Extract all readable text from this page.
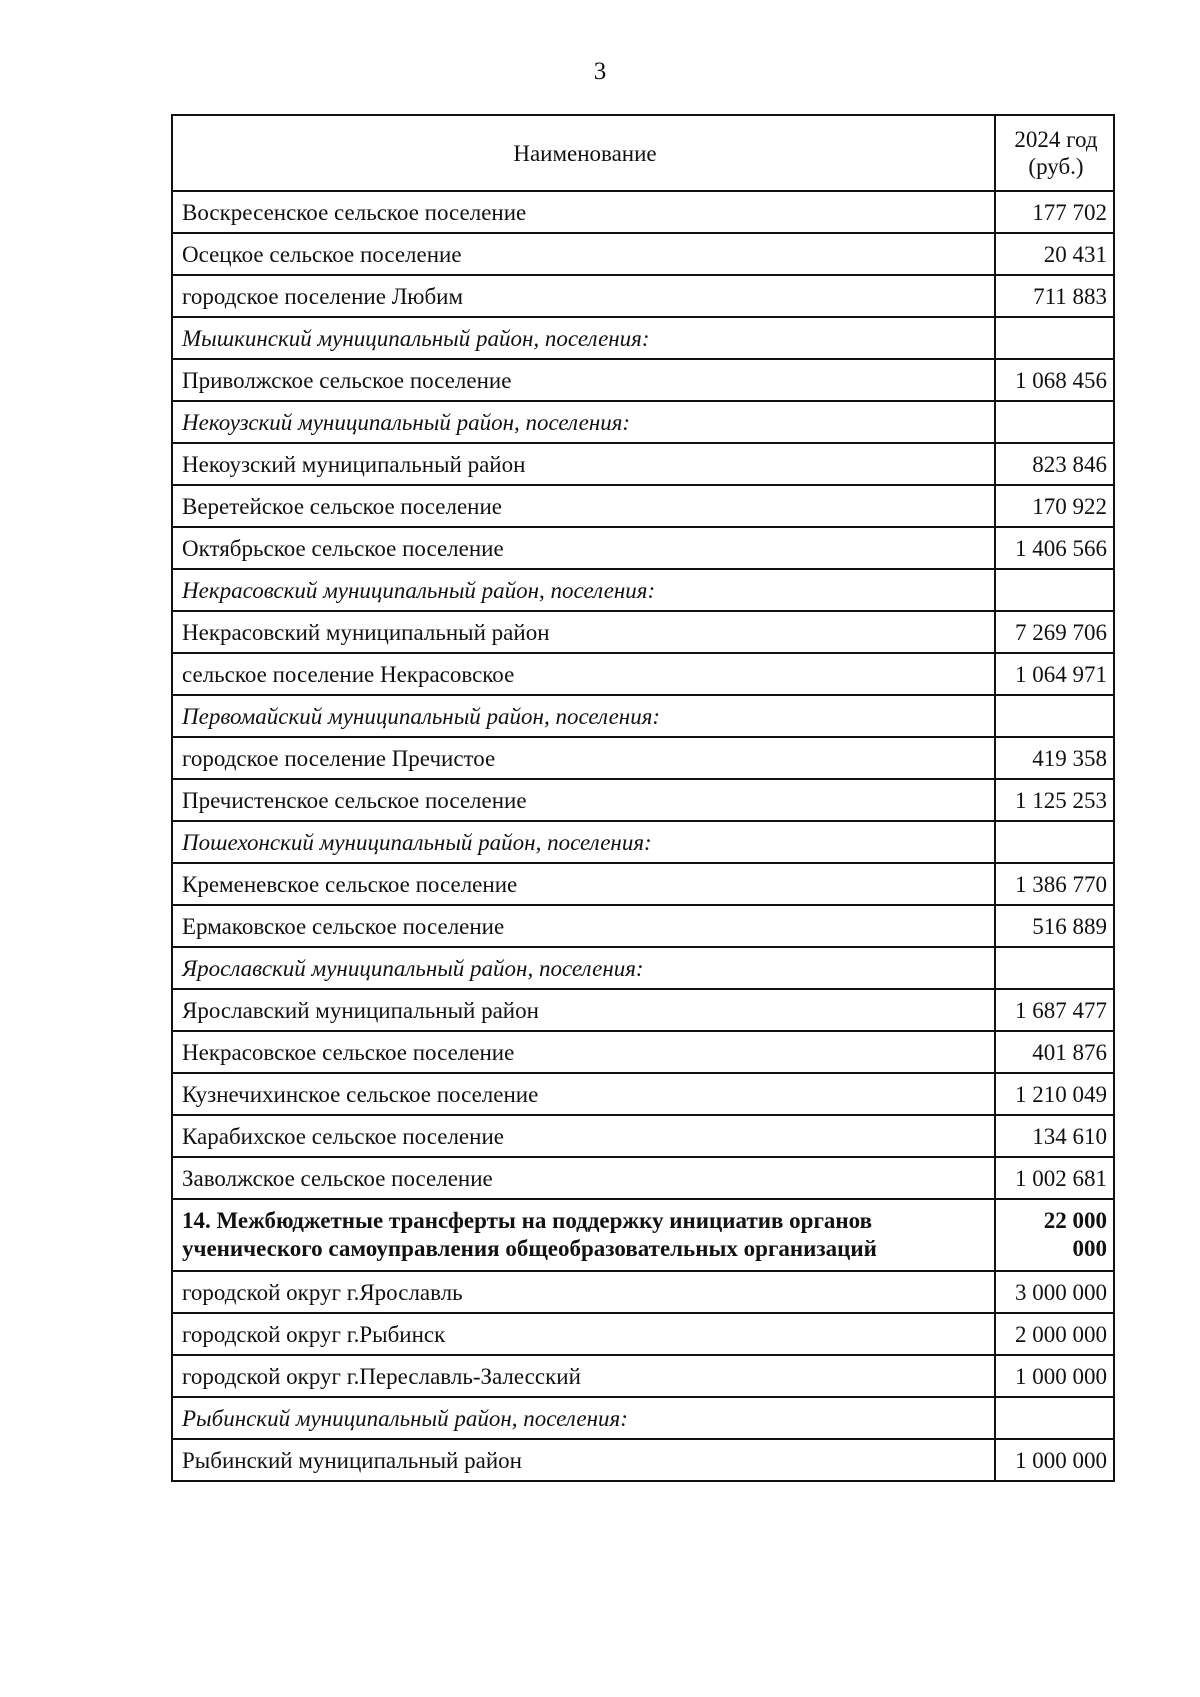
3
Наименование	2024 год
(руб.)
Воскресенское сельское поселение	177 702
Осецкое сельское поселение	20 431
городское поселение Любим	711 883
Мышкинский муниципальный район, поселения:	
Приволжское сельское поселение	1 068 456
Некоузский муниципальный район, поселения:	
Некоузский муниципальный район	823 846
Веретейское сельское поселение	170 922
Октябрьское сельское поселение	1 406 566
Некрасовский муниципальный район, поселения:	
Некрасовский муниципальный район	7 269 706
сельское поселение Некрасовское	1 064 971
Первомайский муниципальный район, поселения:	
городское поселение Пречистое	419 358
Пречистенское сельское поселение	1 125 253
Пошехонский муниципальный район, поселения:	
Кременевское сельское поселение	1 386 770
Ермаковское сельское поселение	516 889
Ярославский муниципальный район, поселения:	
Ярославский муниципальный район	1 687 477
Некрасовское сельское поселение	401 876
Кузнечихинское сельское поселение	1 210 049
Карабихское сельское поселение	134 610
Заволжское сельское поселение	1 002 681
14. Межбюджетные трансферты на поддержку инициатив органов ученического самоуправления общеобразовательных организаций	22 000 000
городской округ г.Ярославль	3 000 000
городской округ г.Рыбинск	2 000 000
городской округ г.Переславль-Залесский	1 000 000
Рыбинский муниципальный район, поселения:	
Рыбинский муниципальный район	1 000 000
